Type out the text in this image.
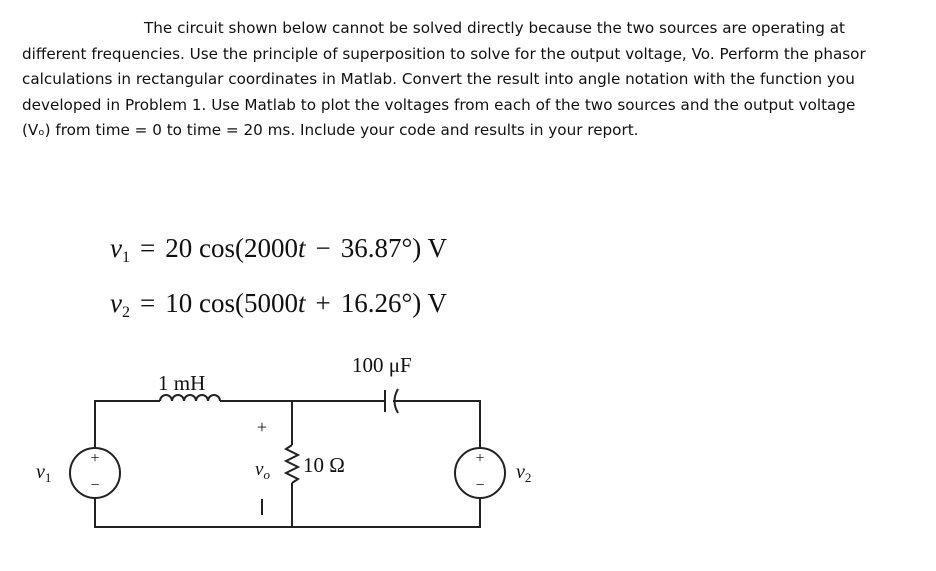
The circuit shown below cannot be solved directly because the two sources are operating at
different frequencies. Use the principle of superposition to solve for the output voltage, Vo. Perform the phasor
calculations in rectangular coordinates in Matlab. Convert the result into angle notation with the function you
developed in Problem 1. Use Matlab to plot the voltages from each of the two sources and the output voltage
(Vₒ) from time = 0 to time = 20 ms. Include your code and results in your report.

$v_1 = 20$ cos(2000t − 36.87°) V
$v_2 = 10$ cos(5000t + 16.26°) V
+
−
$v_1$
1 mH
100 μF
+
−
$v_2$
10 Ω
+
$v_o$
